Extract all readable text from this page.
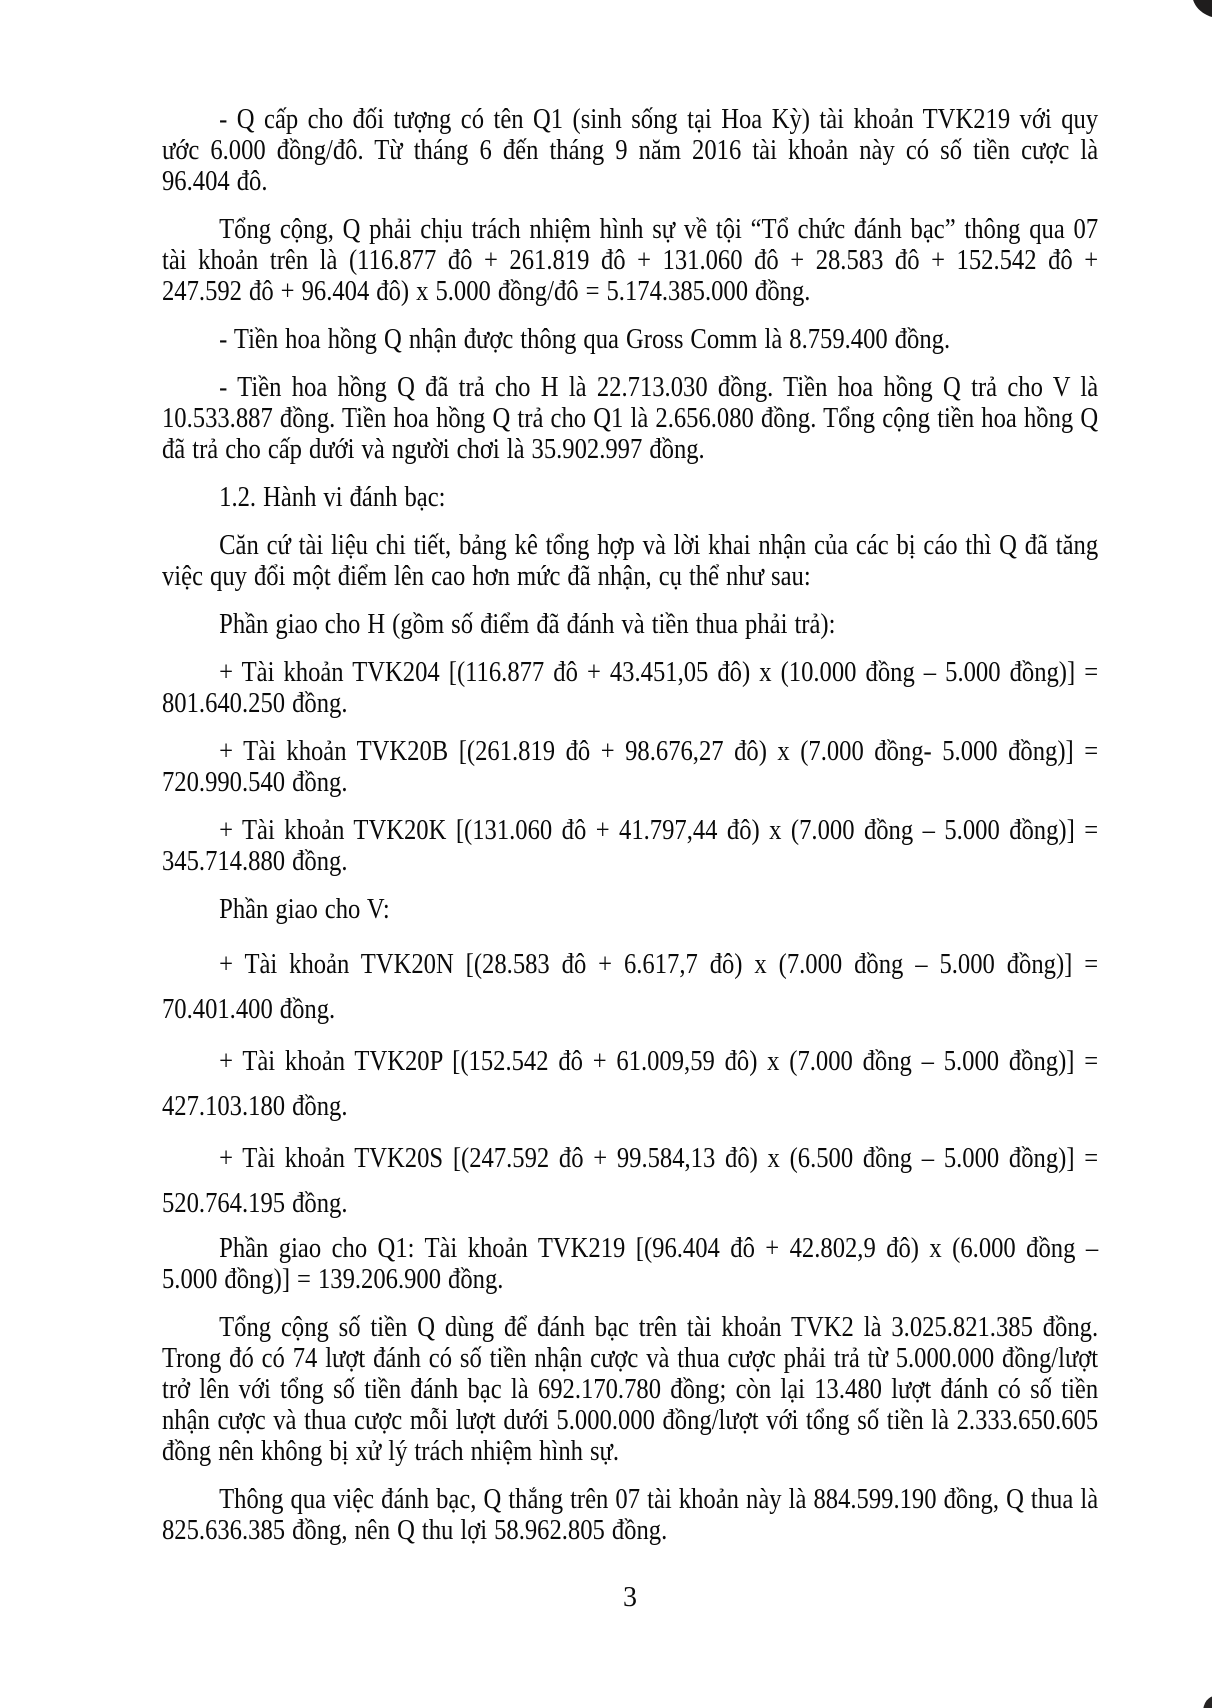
- Q cấp cho đối tượng có tên Q1 (sinh sống tại Hoa Kỳ) tài khoản TVK219 với quy ước 6.000 đồng/đô. Từ tháng 6 đến tháng 9 năm 2016 tài khoản này có số tiền cược là 96.404 đô.

Tổng cộng, Q phải chịu trách nhiệm hình sự về tội “Tổ chức đánh bạc” thông qua 07 tài khoản trên là (116.877 đô + 261.819 đô + 131.060 đô + 28.583 đô + 152.542 đô + 247.592 đô + 96.404 đô) x 5.000 đồng/đô = 5.174.385.000 đồng.

- Tiền hoa hồng Q nhận được thông qua Gross Comm là 8.759.400 đồng.

- Tiền hoa hồng Q đã trả cho H là 22.713.030 đồng. Tiền hoa hồng Q trả cho V là 10.533.887 đồng. Tiền hoa hồng Q trả cho Q1 là 2.656.080 đồng. Tổng cộng tiền hoa hồng Q đã trả cho cấp dưới và người chơi là 35.902.997 đồng.

1.2. Hành vi đánh bạc:

Căn cứ tài liệu chi tiết, bảng kê tổng hợp và lời khai nhận của các bị cáo thì Q đã tăng việc quy đổi một điểm lên cao hơn mức đã nhận, cụ thể như sau:

Phần giao cho H (gồm số điểm đã đánh và tiền thua phải trả):

+ Tài khoản TVK204 [(116.877 đô + 43.451,05 đô) x (10.000 đồng – 5.000 đồng)] = 801.640.250 đồng.

+ Tài khoản TVK20B [(261.819 đô + 98.676,27 đô) x (7.000 đồng- 5.000 đồng)] = 720.990.540 đồng.

+ Tài khoản TVK20K [(131.060 đô + 41.797,44 đô) x (7.000 đồng – 5.000 đồng)] = 345.714.880 đồng.

Phần giao cho V:

+ Tài khoản TVK20N [(28.583 đô + 6.617,7 đô) x (7.000 đồng – 5.000 đồng)] = 70.401.400 đồng.

+ Tài khoản TVK20P [(152.542 đô + 61.009,59 đô) x (7.000 đồng – 5.000 đồng)] = 427.103.180 đồng.

+ Tài khoản TVK20S [(247.592 đô + 99.584,13 đô) x (6.500 đồng – 5.000 đồng)] = 520.764.195 đồng.

Phần giao cho Q1: Tài khoản TVK219 [(96.404 đô + 42.802,9 đô) x (6.000 đồng – 5.000 đồng)] = 139.206.900 đồng.

Tổng cộng số tiền Q dùng để đánh bạc trên tài khoản TVK2 là 3.025.821.385 đồng. Trong đó có 74 lượt đánh có số tiền nhận cược và thua cược phải trả từ 5.000.000 đồng/lượt trở lên với tổng số tiền đánh bạc là 692.170.780 đồng; còn lại 13.480 lượt đánh có số tiền nhận cược và thua cược mỗi lượt dưới 5.000.000 đồng/lượt với tổng số tiền là 2.333.650.605 đồng nên không bị xử lý trách nhiệm hình sự.

Thông qua việc đánh bạc, Q thắng trên 07 tài khoản này là 884.599.190 đồng, Q thua là 825.636.385 đồng, nên Q thu lợi 58.962.805 đồng.

3
